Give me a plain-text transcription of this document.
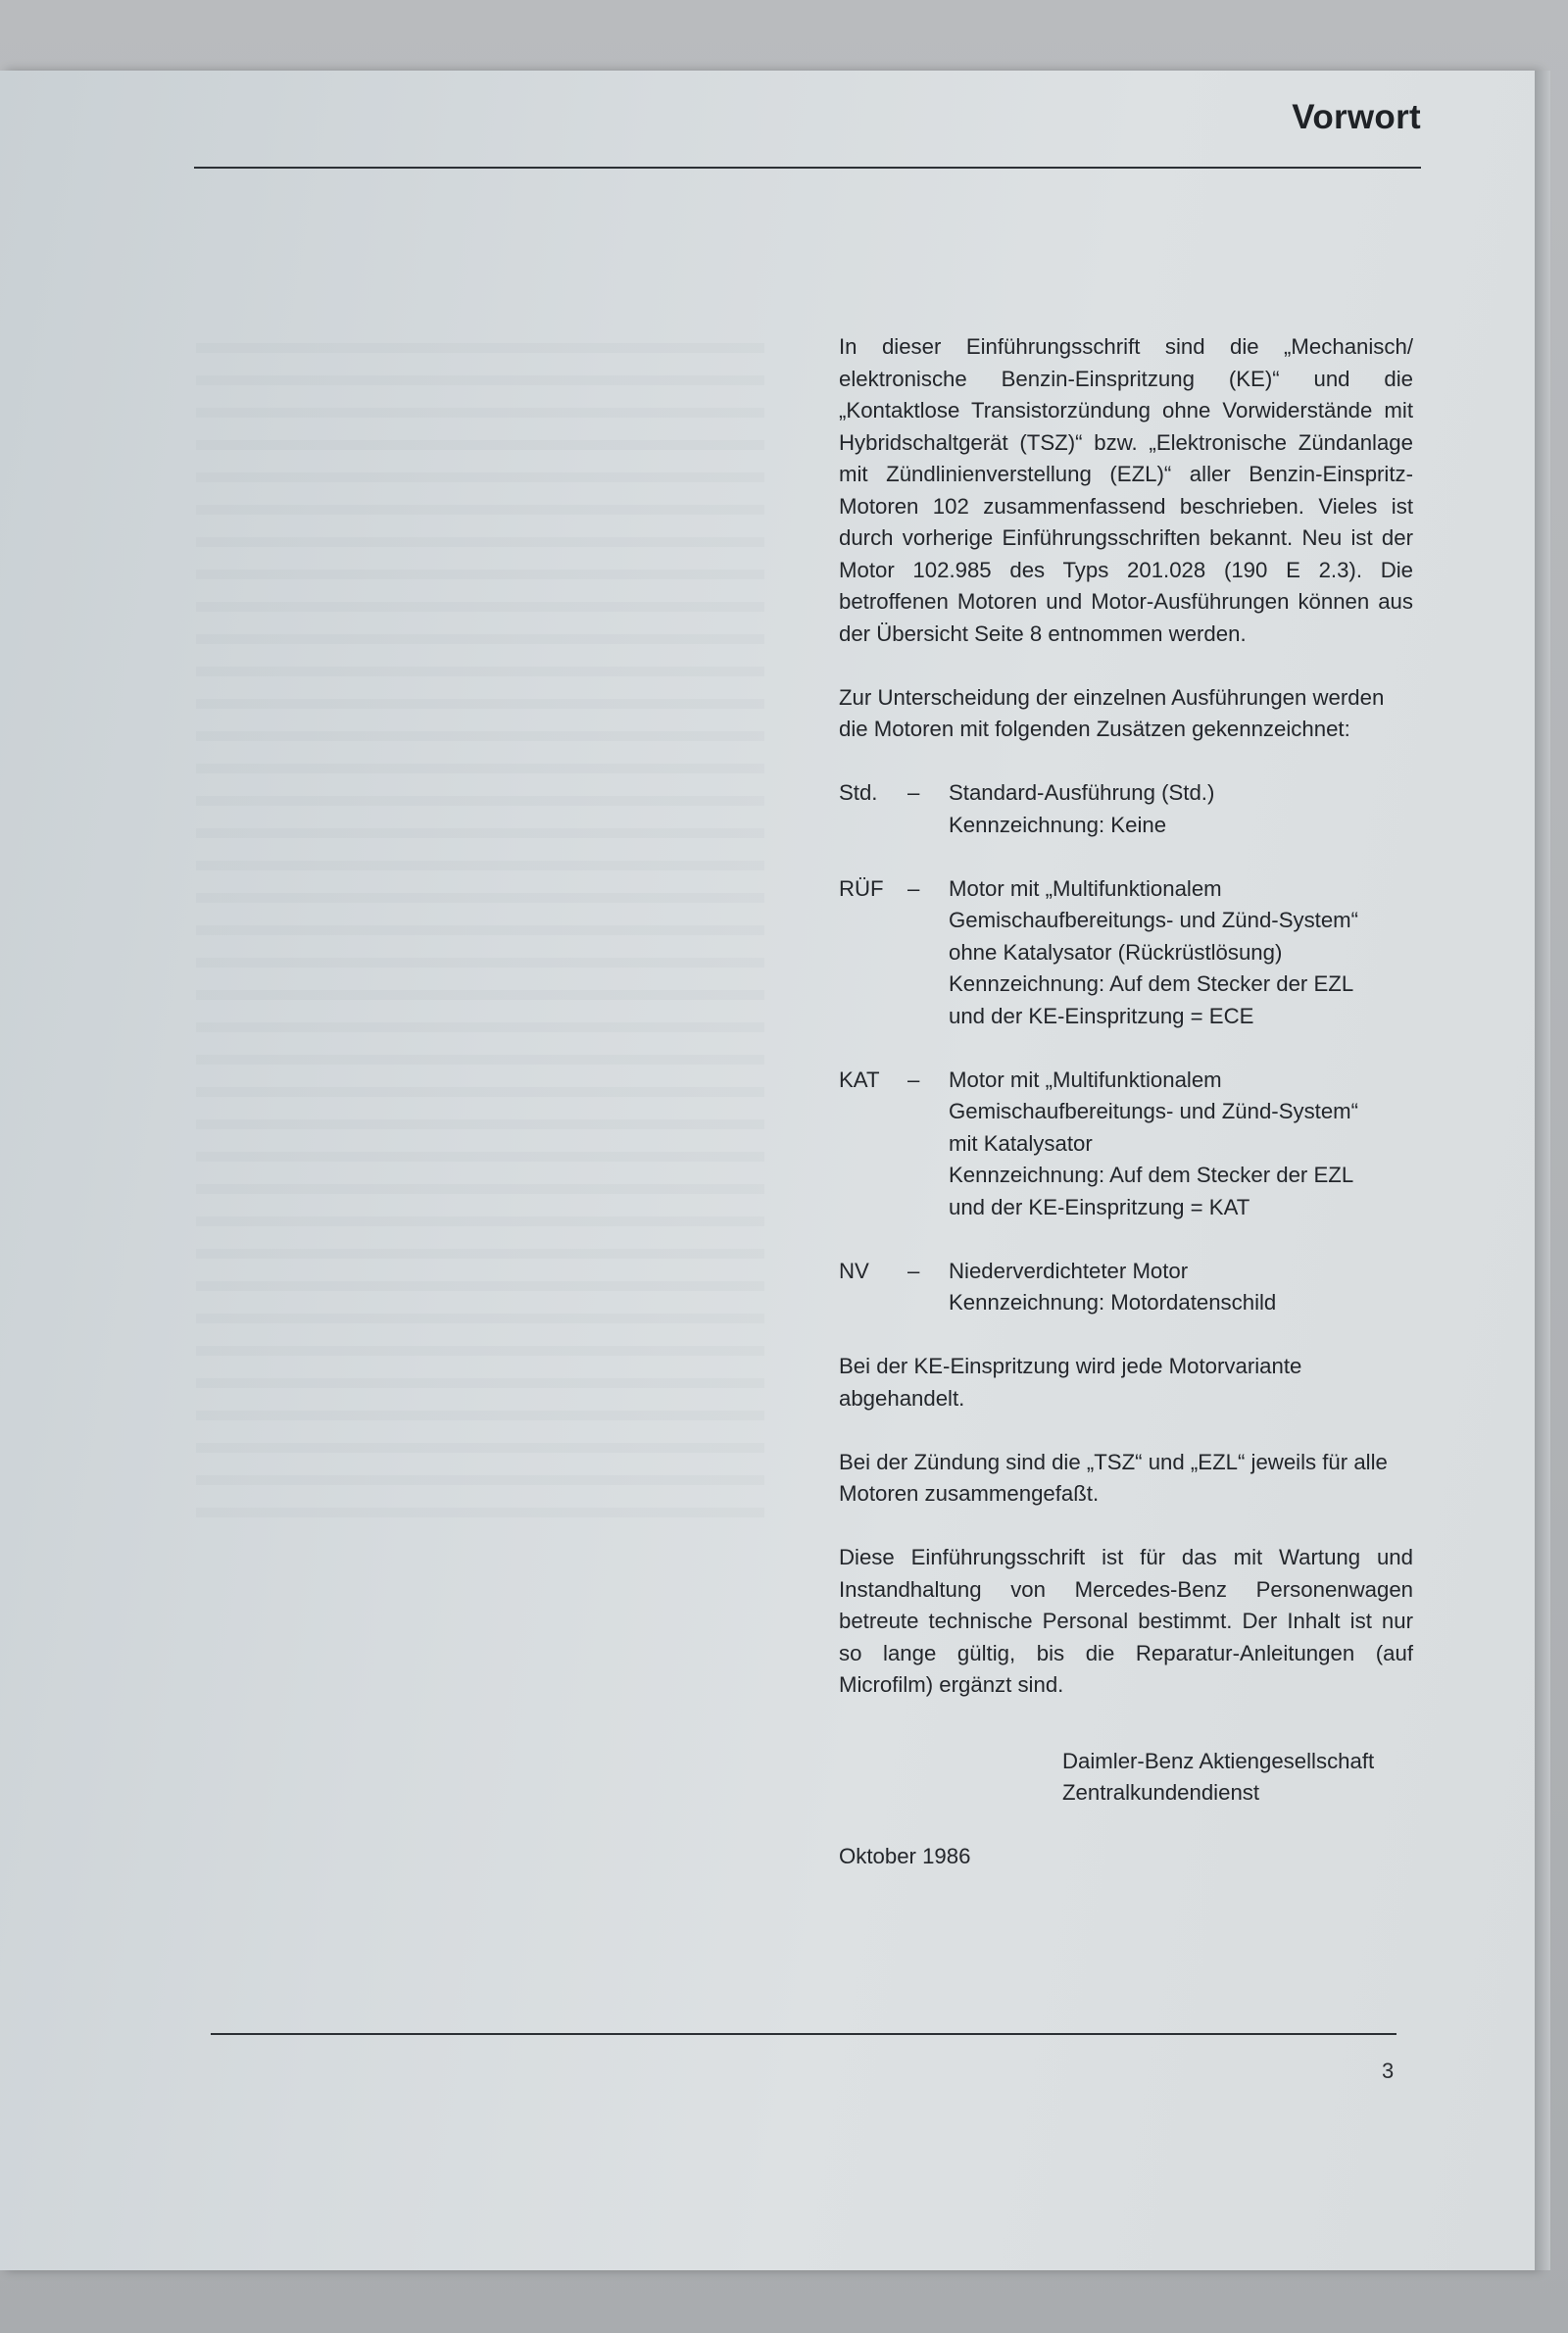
Vorwort

In dieser Einführungsschrift sind die „Mechanisch/ elektronische Benzin-Einspritzung (KE)“ und die „Kontaktlose Transistorzündung ohne Vorwiderstände mit Hybridschaltgerät (TSZ)“ bzw. „Elektronische Zündanlage mit Zündlinienverstellung (EZL)“ aller Benzin-Einspritz-Motoren 102 zusammenfassend beschrieben. Vieles ist durch vorherige Einführungsschriften bekannt. Neu ist der Motor 102.985 des Typs 201.028 (190 E 2.3). Die betroffenen Motoren und Motor-Ausführungen können aus der Übersicht Seite 8 entnommen werden.

Zur Unterscheidung der einzelnen Ausführungen werden die Motoren mit folgenden Zusätzen gekennzeichnet:

Std.	–	Standard-Ausführung (Std.)
Kennzeichnung: Keine
RÜF	–	Motor mit „Multifunktionalem
Gemischaufbereitungs- und Zünd-System“
ohne Katalysator (Rückrüstlösung)
Kennzeichnung: Auf dem Stecker der EZL
und der KE-Einspritzung = ECE
KAT	–	Motor mit „Multifunktionalem
Gemischaufbereitungs- und Zünd-System“
mit Katalysator
Kennzeichnung: Auf dem Stecker der EZL
und der KE-Einspritzung = KAT
NV	–	Niederverdichteter Motor
Kennzeichnung: Motordatenschild

Bei der KE-Einspritzung wird jede Motorvariante abgehandelt.

Bei der Zündung sind die „TSZ“ und „EZL“ jeweils für alle Motoren zusammengefaßt.

Diese Einführungsschrift ist für das mit Wartung und Instandhaltung von Mercedes-Benz Personenwagen betreute technische Personal bestimmt. Der Inhalt ist nur so lange gültig, bis die Reparatur-Anleitungen (auf Microfilm) ergänzt sind.

Daimler-Benz Aktiengesellschaft
Zentralkundendienst
Oktober 1986
3
